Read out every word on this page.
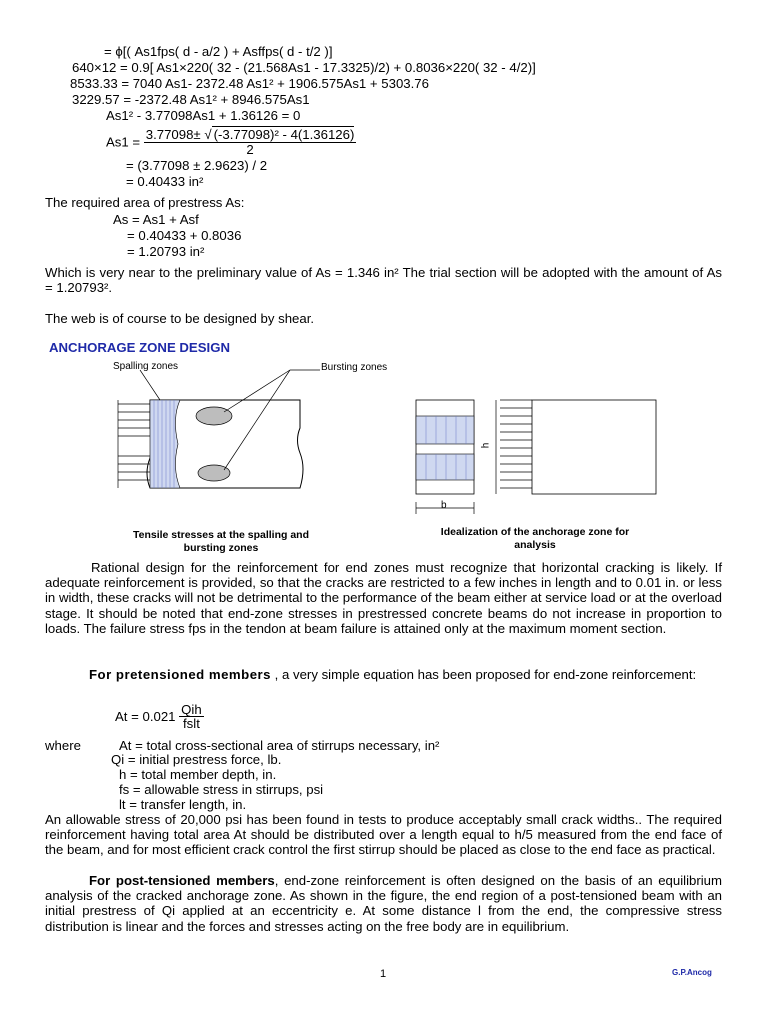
= ϕ[( As1fps( d - a/2 ) + Asffps( d - t/2 )]
640×12 = 0.9[ As1×220( 32 - (21.568As1 - 17.3325)/2) + 0.8036×220( 32 - 4/2)]
8533.33 = 7040 As1- 2372.48 As1² + 1906.575As1 + 5303.76
3229.57 = -2372.48 As1² + 8946.575As1
As1² - 3.77098As1 + 1.36126 = 0
$As1 = \frac{\text{3.77098± √ (-3.77098)² - 4(1.36126)}}{2}$
= (3.77098 ± 2.9623) / 2
= 0.40433 in²
The required area of prestress As:
As = As1 + Asf
= 0.40433 + 0.8036
= 1.20793 in²
Which is very near to the preliminary value of As = 1.346 in² The trial section will be adopted with the amount of As = 1.20793².
The web is of course to be designed by shear.
ANCHORAGE ZONE DESIGN
Spalling zones	Bursting zones
h
b
Tensile stresses at the spalling and bursting zones
Idealization of the anchorage zone for analysis
Rational design for the reinforcement for end zones must recognize that horizontal cracking is likely. If adequate reinforcement is provided, so that the cracks are restricted to a few inches in length and to 0.01 in. or less in width, these cracks will not be detrimental to the performance of the beam either at service load or at the overload stage. It should be noted that end-zone stresses in prestressed concrete beams do not increase in proportion to loads. The failure stress fps in the tendon at beam failure is attained only at the maximum moment section.
For pretensioned members , a very simple equation has been proposed for end-zone reinforcement:
$At = 0.021 \frac{\text{Qih}}{\text{fslt}}$
where	At = total cross-sectional area of stirrups necessary, in²
Qi = initial prestress force, lb.
h = total member depth, in.
fs = allowable stress in stirrups, psi
lt = transfer length, in.
An allowable stress of 20,000 psi has been found in tests to produce acceptably small crack widths.. The required reinforcement having total area At should be distributed over a length equal to h/5 measured from the end face of the beam, and for most efficient crack control the first stirrup should be placed as close to the end face as practical.
For post-tensioned members, end-zone reinforcement is often designed on the basis of an equilibrium analysis of the cracked anchorage zone. As shown in the figure, the end region of a post-tensioned beam with an initial prestress of Qi applied at an eccentricity e. At some distance l from the end, the compressive stress distribution is linear and the forces and stresses acting on the free body are in equilibrium.
1	G.P.Ancog
